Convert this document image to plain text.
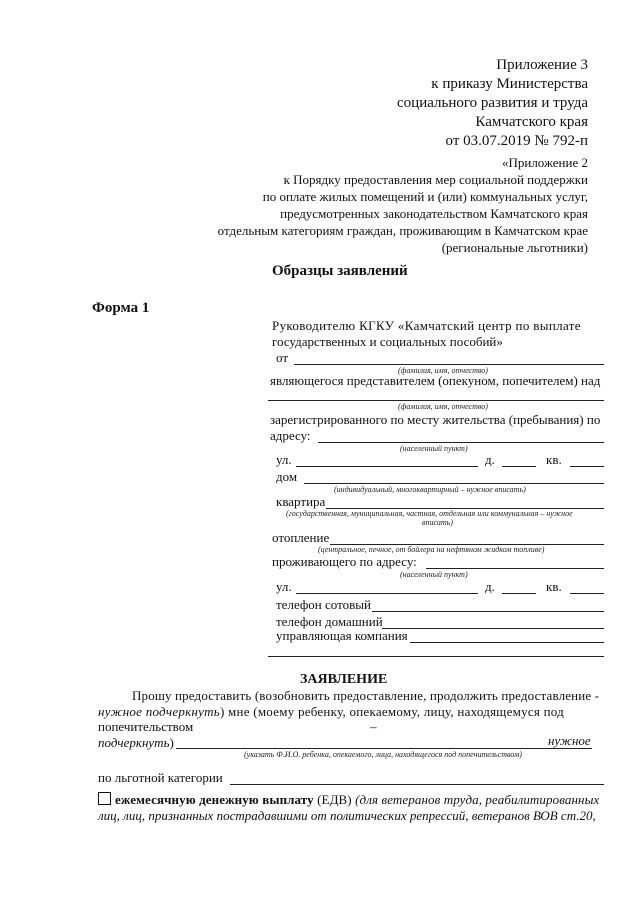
Приложение 3
к приказу Министерства
социального развития и труда
Камчатского края
от 03.07.2019 № 792-п
«Приложение 2
к Порядку предоставления мер социальной поддержки
по оплате жилых помещений и (или) коммунальных услуг,
предусмотренных законодательством Камчатского края
отдельным категориям граждан, проживающим в Камчатском крае
(региональные льготники)
Образцы заявлений
Форма 1
Руководителю КГКУ «Камчатский центр по выплате
государственных и социальных пособий»
от
(фамилия, имя, отчество)
являющегося представителем (опекуном, попечителем) над
(фамилия, имя, отчество)
зарегистрированного по месту жительства (пребывания) по
адресу:
(населенный пункт)
ул.	д.	кв.
дом
(индивидуальный, многоквартирный – нужное вписать)
квартира
(государственная, муниципальная, частная, отдельная или коммунальная – нужное
вписать)
отопление
(центральное, печное, от бойлера на нефтяном жидком топливе)
проживающего по адресу:
(населенный пункт)
ул.	д.	кв.
телефон сотовый
телефон домашний
управляющая компания
ЗАЯВЛЕНИЕ
Прошу предоставить (возобновить предоставление, продолжить предоставление -
нужное подчеркнуть) мне (моему ребенку, опекаемому, лицу, находящемуся под
попечительством	–
нужное
подчеркнуть)
(указать Ф.И.О. ребенка, опекаемого, лица, находящегося под попечительством)
по льготной категории
ежемесячную денежную выплату (ЕДВ) (для ветеранов труда, реабилитированных
лиц, лиц, признанных пострадавшими от политических репрессий, ветеранов ВОВ ст.20,
